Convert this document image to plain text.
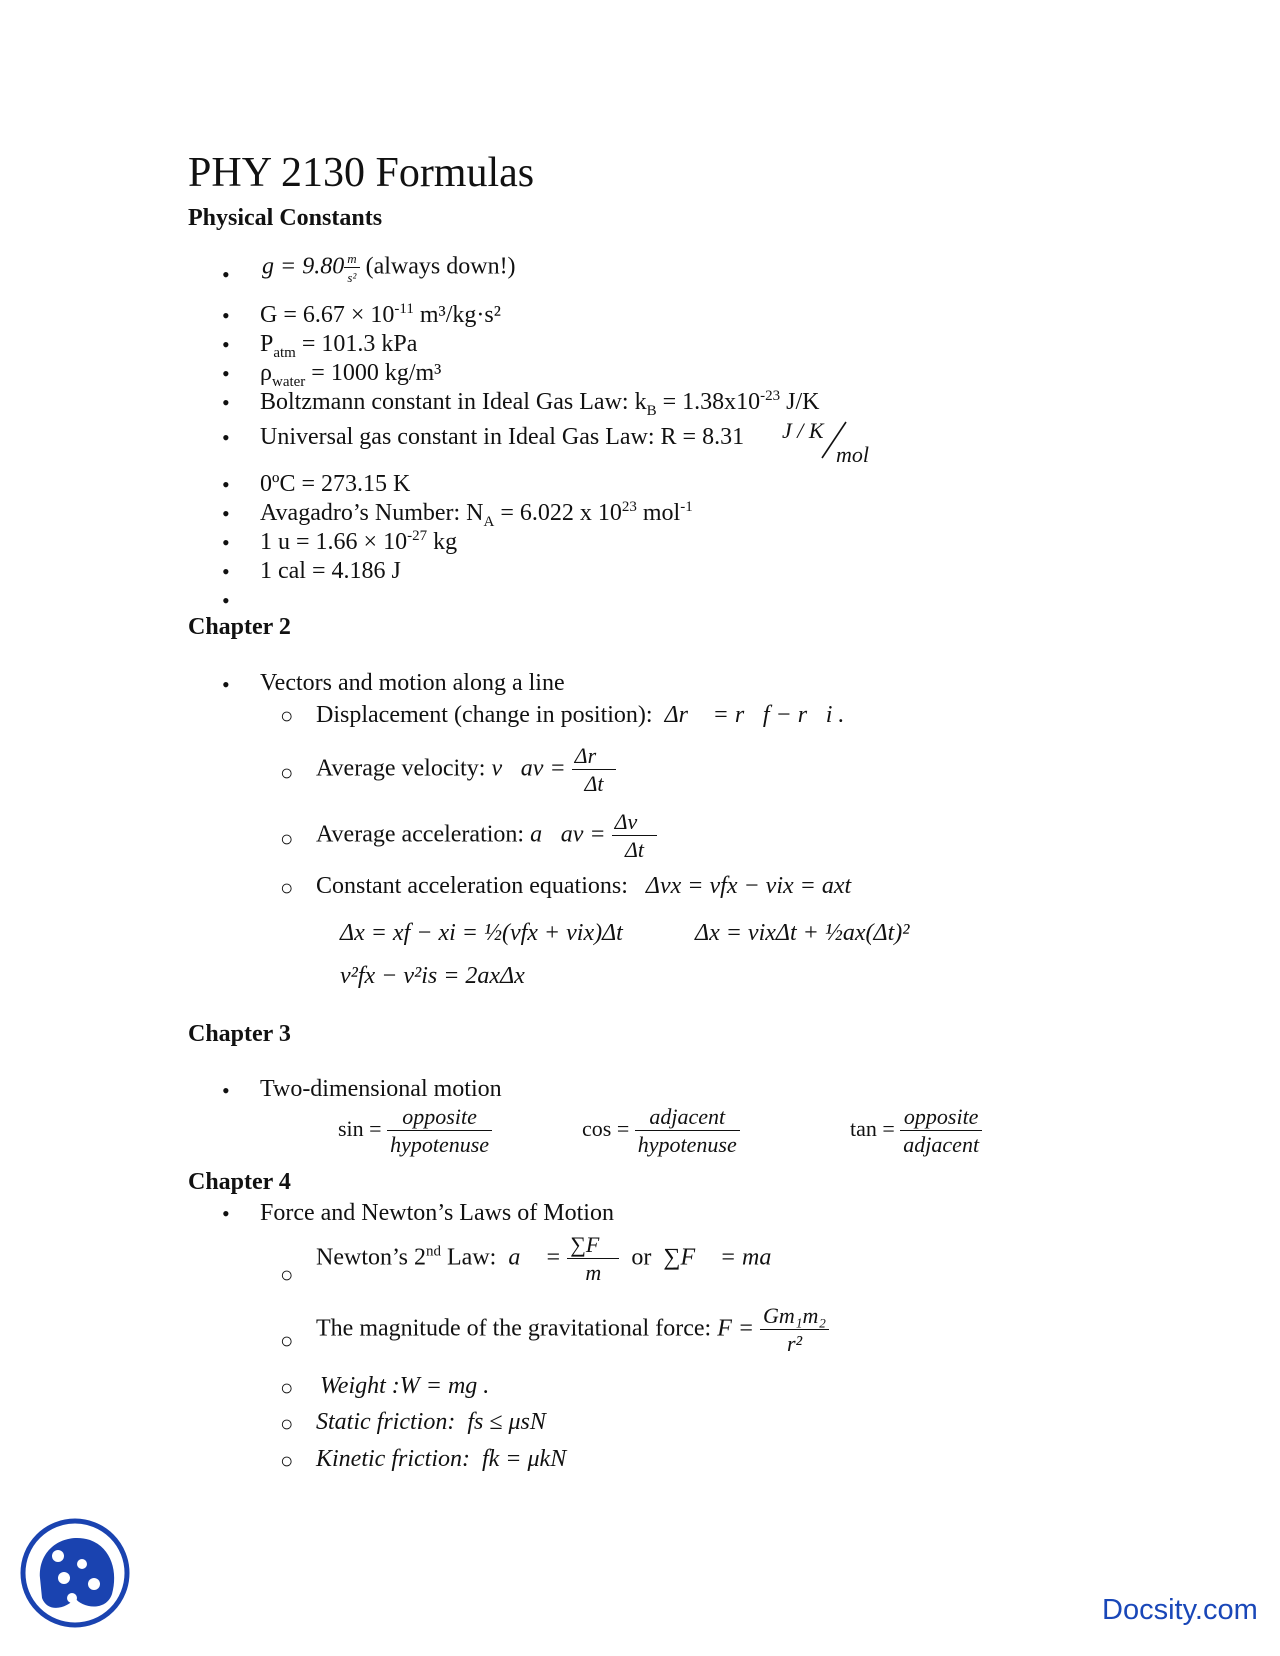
PHY 2130 Formulas
Physical Constants
• $g = 9.80 \frac{m}{\text{s²}}$ (always down!)
• $G = 6.67 \times 10^{-11}$ m³/kg·s²
• $P_{atm} = 101.3$ kPa
• $\rho_{water} = 1000$ kg/m³
• Boltzmann constant in Ideal Gas Law: $k_B = 1.38x10^{-23}$ J/K
• Universal gas constant in Ideal Gas Law: R = 8.31 J / K
mol
• 0ºC = 273.15 K
• Avagadro’s Number: $N_A = 6.022$ x $10^{23}$ mol$^{-1}$
• 1 $u = 1.66 \times 10^{-27}$ kg
• 1 cal = 4.186 J
•
Chapter 2
• Vectors and motion along a line
○ Displacement (change in position): Δr⃗ = r⃗f − r⃗i .
○ Average velocity: v⃗av = $\frac{\Delta r⃗}{\Delta t}$
○ Average acceleration: a⃗av = $\frac{\Delta v⃗}{\Delta t}$
○ Constant acceleration equations: Δvx = vfx − vix = axt
Δx = xf − xi = ½(vfx + vix)Δt	Δx = vixΔt + ½ax(Δt)²
v²fx − v²is = 2axΔx
Chapter 3
• Two-dimensional motion
$\sin = \frac{\text{opposite}}{\text{hypotenuse}}$	$\cos = \frac{\text{adjacent}}{\text{hypotenuse}}$	$\tan = \frac{\text{opposite}}{\text{adjacent}}$
Chapter 4
• Force and Newton’s Laws of Motion
○
Newton’s 2nd Law: a⃗ = $\frac{\sum F⃗}{m}$ or ∑F⃗ = ma⃗
○ The magnitude of the gravitational force: $F = \frac{\text{Gm₁m₂}}{\text{r²}}$
○ Weight :W = mg .
○ Static friction: fs ≤ μsN
○ Kinetic friction: fk = μkN
Docsity.com
